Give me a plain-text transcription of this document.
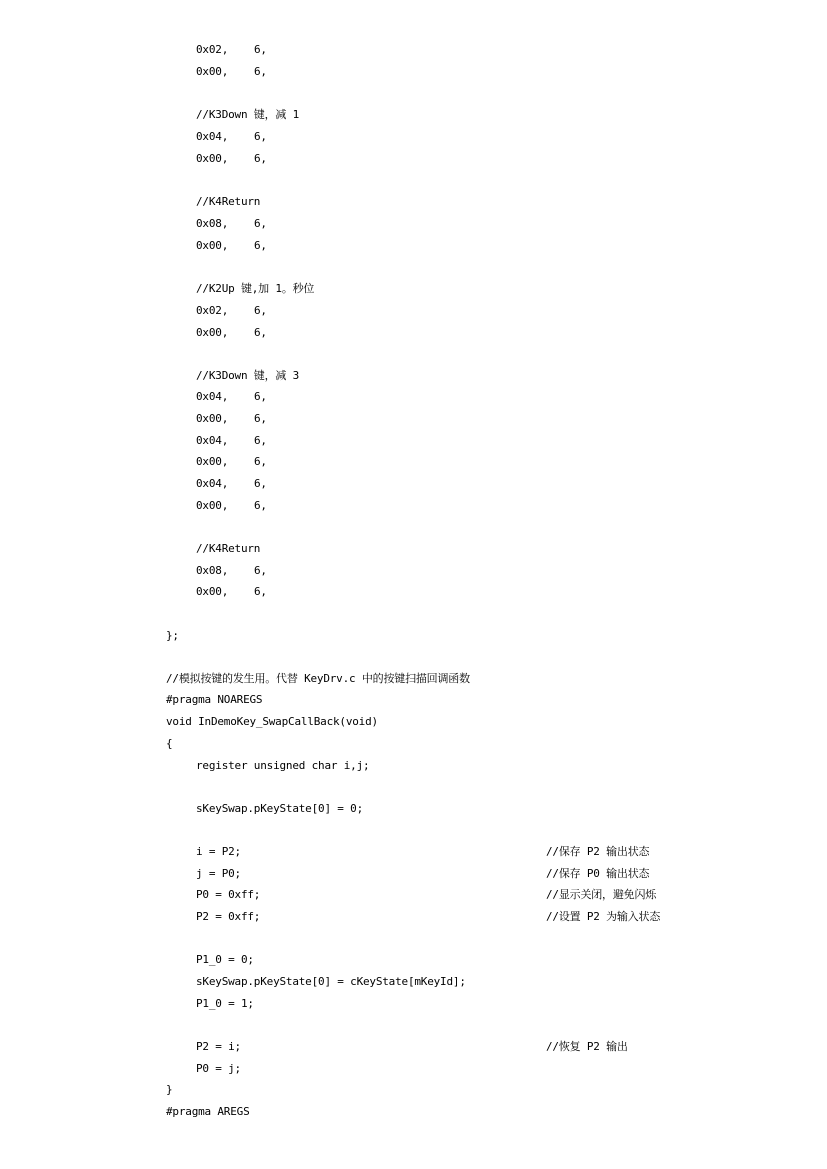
0x02, 6,
0x00, 6,
//K3Down 键，减 1
0x04, 6,
0x00, 6,
//K4Return
0x08, 6,
0x00, 6,
//K2Up 键,加 1。秒位
0x02, 6,
0x00, 6,
//K3Down 键，减 3
0x04, 6,
0x00, 6,
0x04, 6,
0x00, 6,
0x04, 6,
0x00, 6,
//K4Return
0x08, 6,
0x00, 6,
};
//模拟按键的发生用。代替 KeyDrv.c 中的按键扫描回调函数
#pragma NOAREGS
void InDemoKey_SwapCallBack(void)
{
register unsigned char i,j;
sKeySwap.pKeyState[0] = 0;
i = P2;	//保存 P2 输出状态
j = P0;	//保存 P0 输出状态
P0 = 0xff;	//显示关闭，避免闪烁
P2 = 0xff;	//设置 P2 为输入状态
P1_0 = 0;
sKeySwap.pKeyState[0] = cKeyState[mKeyId];
P1_0 = 1;
P2 = i;	//恢复 P2 输出
P0 = j;
}
#pragma AREGS
